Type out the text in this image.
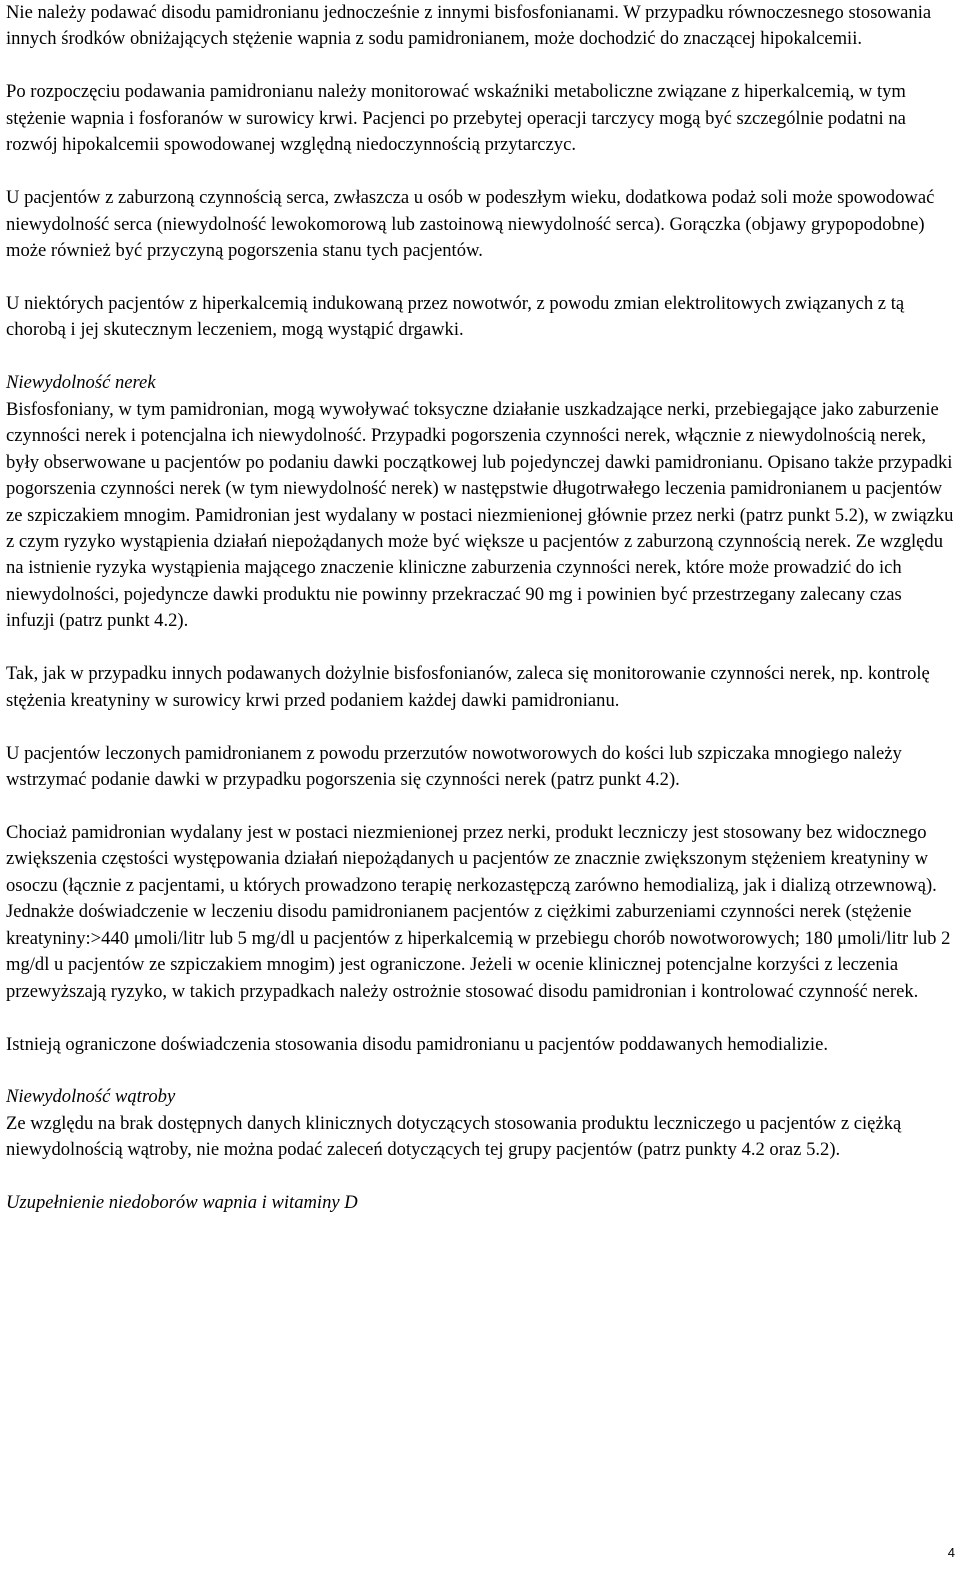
Nie należy podawać disodu pamidronianu jednocześnie z innymi bisfosfonianami. W przypadku równoczesnego stosowania innych środków obniżających stężenie wapnia z sodu pamidronianem, może dochodzić do znaczącej hipokalcemii.

Po rozpoczęciu podawania pamidronianu należy monitorować wskaźniki metaboliczne związane z hiperkalcemią, w tym stężenie wapnia i fosforanów w surowicy krwi. Pacjenci po przebytej operacji tarczycy mogą być szczególnie podatni na rozwój hipokalcemii spowodowanej względną niedoczynnością przytarczyc.

U pacjentów z zaburzoną czynnością serca, zwłaszcza u osób w podeszłym wieku, dodatkowa podaż soli może spowodować niewydolność serca (niewydolność lewokomorową lub zastoinową niewydolność serca). Gorączka (objawy grypopodobne) może również być przyczyną pogorszenia stanu tych pacjentów.

U niektórych pacjentów z hiperkalcemią indukowaną przez nowotwór, z powodu zmian elektrolitowych związanych z tą chorobą i jej skutecznym leczeniem, mogą wystąpić drgawki.

Niewydolność nerek

Bisfosfoniany, w tym pamidronian, mogą wywoływać toksyczne działanie uszkadzające nerki, przebiegające jako zaburzenie czynności nerek i potencjalna ich niewydolność. Przypadki pogorszenia czynności nerek, włącznie z niewydolnością nerek, były obserwowane u pacjentów po podaniu dawki początkowej lub pojedynczej dawki pamidronianu. Opisano także przypadki pogorszenia czynności nerek (w tym niewydolność nerek) w następstwie długotrwałego leczenia pamidronianem u pacjentów ze szpiczakiem mnogim. Pamidronian jest wydalany w postaci niezmienionej głównie przez nerki (patrz punkt 5.2), w związku z czym ryzyko wystąpienia działań niepożądanych może być większe u pacjentów z zaburzoną czynnością nerek. Ze względu na istnienie ryzyka wystąpienia mającego znaczenie kliniczne zaburzenia czynności nerek, które może prowadzić do ich niewydolności, pojedyncze dawki produktu nie powinny przekraczać 90 mg i powinien być przestrzegany zalecany czas infuzji (patrz punkt 4.2).

Tak, jak w przypadku innych podawanych dożylnie bisfosfonianów, zaleca się monitorowanie czynności nerek, np. kontrolę stężenia kreatyniny w surowicy krwi przed podaniem każdej dawki pamidronianu.

U pacjentów leczonych pamidronianem z powodu przerzutów nowotworowych do kości lub szpiczaka mnogiego należy wstrzymać podanie dawki w przypadku pogorszenia się czynności nerek (patrz punkt 4.2).

Chociaż pamidronian wydalany jest w postaci niezmienionej przez nerki, produkt leczniczy jest stosowany bez widocznego zwiększenia częstości występowania działań niepożądanych u pacjentów ze znacznie zwiększonym stężeniem kreatyniny w osoczu (łącznie z pacjentami, u których prowadzono terapię nerkozastępczą zarówno hemodializą, jak i dializą otrzewnową). Jednakże doświadczenie w leczeniu disodu pamidronianem pacjentów z ciężkimi zaburzeniami czynności nerek (stężenie kreatyniny:>440 μmoli/litr lub 5 mg/dl u pacjentów z hiperkalcemią w przebiegu chorób nowotworowych; 180 μmoli/litr lub 2 mg/dl u pacjentów ze szpiczakiem mnogim) jest ograniczone. Jeżeli w ocenie klinicznej potencjalne korzyści z leczenia przewyższają ryzyko, w takich przypadkach należy ostrożnie stosować disodu pamidronian i kontrolować czynność nerek.

Istnieją ograniczone doświadczenia stosowania disodu pamidronianu u pacjentów poddawanych hemodializie.

Niewydolność wątroby

Ze względu na brak dostępnych danych klinicznych dotyczących stosowania produktu leczniczego u pacjentów z ciężką niewydolnością wątroby, nie można podać zaleceń dotyczących tej grupy pacjentów (patrz punkty 4.2 oraz 5.2).

Uzupełnienie niedoborów wapnia i witaminy D

4
